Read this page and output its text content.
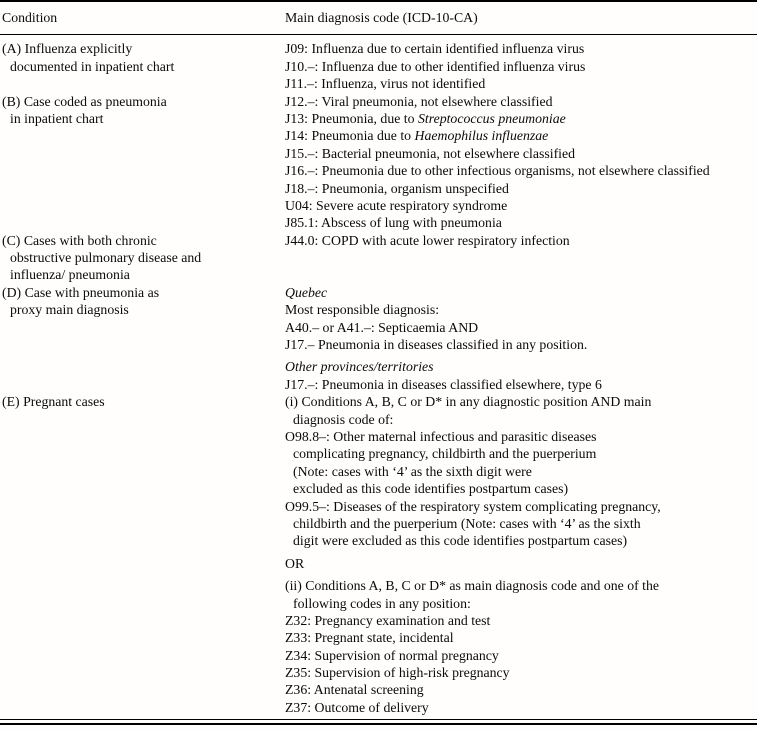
Condition	Main diagnosis code (ICD-10-CA)
(A) Influenza explicitly
documented in inpatient chart
J09: Influenza due to certain identified influenza virus
J10.–: Influenza due to other identified influenza virus
J11.–: Influenza, virus not identified
(B) Case coded as pneumonia
in inpatient chart
J12.–: Viral pneumonia, not elsewhere classified
J13: Pneumonia, due to Streptococcus pneumoniae
J14: Pneumonia due to Haemophilus influenzae
J15.–: Bacterial pneumonia, not elsewhere classified
J16.–: Pneumonia due to other infectious organisms, not elsewhere classified
J18.–: Pneumonia, organism unspecified
U04: Severe acute respiratory syndrome
J85.1: Abscess of lung with pneumonia
(C) Cases with both chronic
obstructive pulmonary disease and
influenza/ pneumonia
J44.0: COPD with acute lower respiratory infection
(D) Case with pneumonia as
proxy main diagnosis
Quebec
Most responsible diagnosis:
A40.– or A41.–: Septicaemia AND
J17.– Pneumonia in diseases classified in any position.
Other provinces/territories
J17.–: Pneumonia in diseases classified elsewhere, type 6
(E) Pregnant cases	(i) Conditions A, B, C or D* in any diagnostic position AND main
diagnosis code of:
O98.8–: Other maternal infectious and parasitic diseases
complicating pregnancy, childbirth and the puerperium
(Note: cases with ‘4’ as the sixth digit were
excluded as this code identifies postpartum cases)
O99.5–: Diseases of the respiratory system complicating pregnancy,
childbirth and the puerperium (Note: cases with ‘4’ as the sixth
digit were excluded as this code identifies postpartum cases)
OR
(ii) Conditions A, B, C or D* as main diagnosis code and one of the
following codes in any position:
Z32: Pregnancy examination and test
Z33: Pregnant state, incidental
Z34: Supervision of normal pregnancy
Z35: Supervision of high-risk pregnancy
Z36: Antenatal screening
Z37: Outcome of delivery
